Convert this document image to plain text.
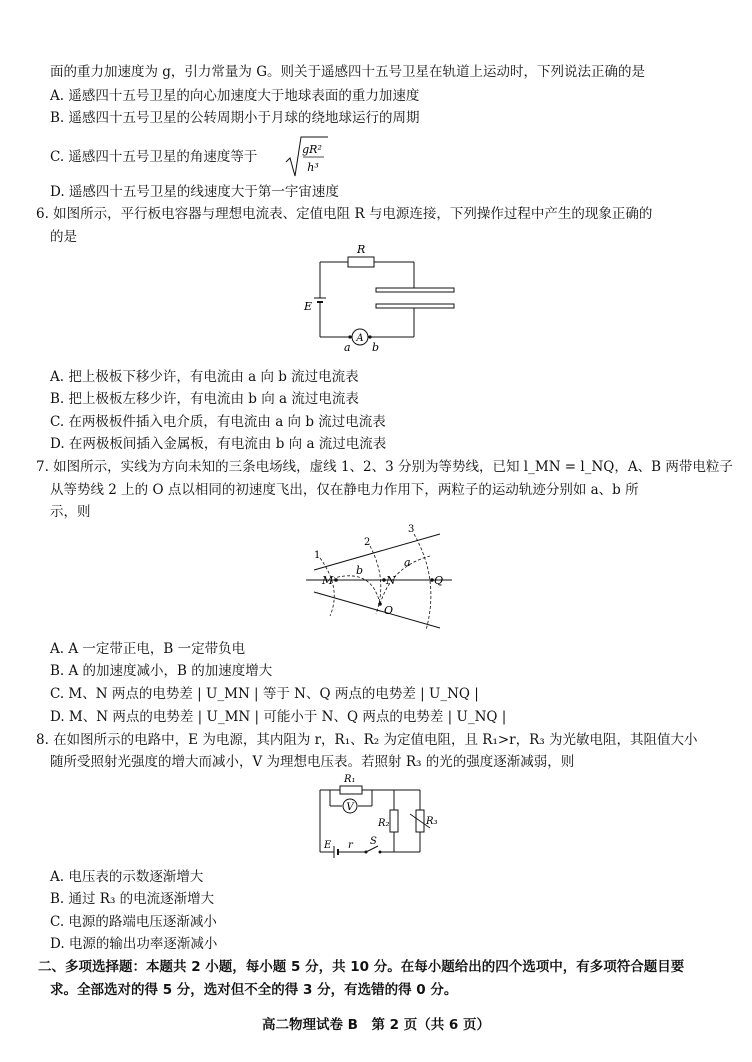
面的重力加速度为 g，引力常量为 G。则关于遥感四十五号卫星在轨道上运动时，下列说法正确的是
A. 遥感四十五号卫星的向心加速度大于地球表面的重力加速度
B. 遥感四十五号卫星的公转周期小于月球的绕地球运行的周期
C. 遥感四十五号卫星的角速度等于	gR²
h³
D. 遥感四十五号卫星的线速度大于第一宇宙速度
6. 如图所示，平行板电容器与理想电流表、定值电阻 R 与电源连接，下列操作过程中产生的现象正确的
的是
A
R
E
a b
A. 把上极板下移少许，有电流由 a 向 b 流过电流表
B. 把上极板左移少许，有电流由 b 向 a 流过电流表
C. 在两极板件插入电介质，有电流由 a 向 b 流过电流表
D. 在两极板间插入金属板，有电流由 b 向 a 流过电流表
7. 如图所示，实线为方向未知的三条电场线，虚线 1、2、3 分别为等势线，已知 l_MN = l_NQ，A、B 两带电粒子
从等势线 2 上的 O 点以相同的初速度飞出，仅在静电力作用下，两粒子的运动轨迹分别如 a、b 所
示，则
1
2
3
M	N	Q
O
a
b
A. A 一定带正电，B 一定带负电
B. A 的加速度减小，B 的加速度增大
C. M、N 两点的电势差 | U_MN | 等于 N、Q 两点的电势差 | U_NQ |
D. M、N 两点的电势差 | U_MN | 可能小于 N、Q 两点的电势差 | U_NQ |
8. 在如图所示的电路中，E 为电源，其内阻为 r，R₁、R₂ 为定值电阻，且 R₁>r，R₃ 为光敏电阻，其阻值大小
随所受照射光强度的增大而减小，V 为理想电压表。若照射 R₃ 的光的强度逐渐减弱，则
V
R₁
R₂	R₃
E r S
A. 电压表的示数逐渐增大
B. 通过 R₃ 的电流逐渐增大
C. 电源的路端电压逐渐减小
D. 电源的输出功率逐渐减小
二、多项选择题：本题共 2 小题，每小题 5 分，共 10 分。在每小题给出的四个选项中，有多项符合题目要
求。全部选对的得 5 分，选对但不全的得 3 分，有选错的得 0 分。
高二物理试卷 B　第 2 页（共 6 页）
